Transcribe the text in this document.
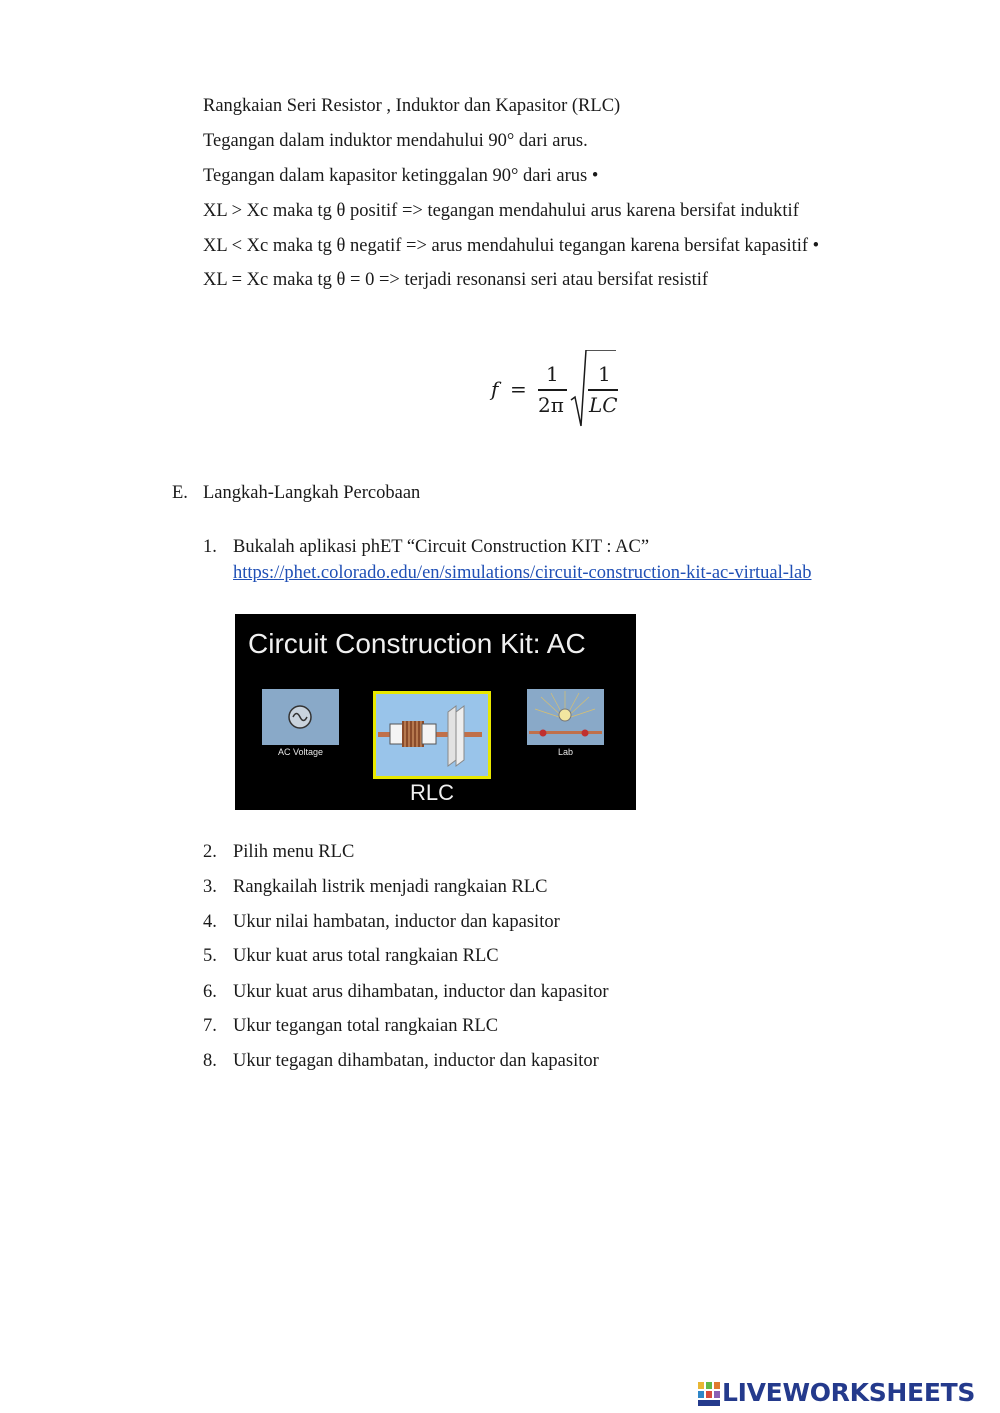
Rangkaian Seri Resistor , Induktor dan Kapasitor (RLC)
Tegangan dalam induktor mendahului 90° dari arus.
Tegangan dalam kapasitor ketinggalan 90° dari arus •
XL > Xc maka tg θ positif => tegangan mendahului arus karena bersifat induktif
XL < Xc maka tg θ negatif => arus mendahului tegangan karena bersifat kapasitif •
XL = Xc maka tg θ = 0 => terjadi resonansi seri atau bersifat resistif
f =
1
2π
1
LC
E. Langkah-Langkah Percobaan
1. Bukalah aplikasi phET “Circuit Construction KIT : AC”
https://phet.colorado.edu/en/simulations/circuit-construction-kit-ac-virtual-lab
Circuit Construction Kit: AC
AC Voltage
RLC
Lab
2. Pilih menu RLC
3. Rangkailah listrik menjadi rangkaian RLC
4. Ukur nilai hambatan, inductor dan kapasitor
5. Ukur kuat arus total rangkaian RLC
6. Ukur kuat arus dihambatan, inductor dan kapasitor
7. Ukur tegangan total rangkaian RLC
8. Ukur tegagan dihambatan, inductor dan kapasitor
LIVEWORKSHEETS
